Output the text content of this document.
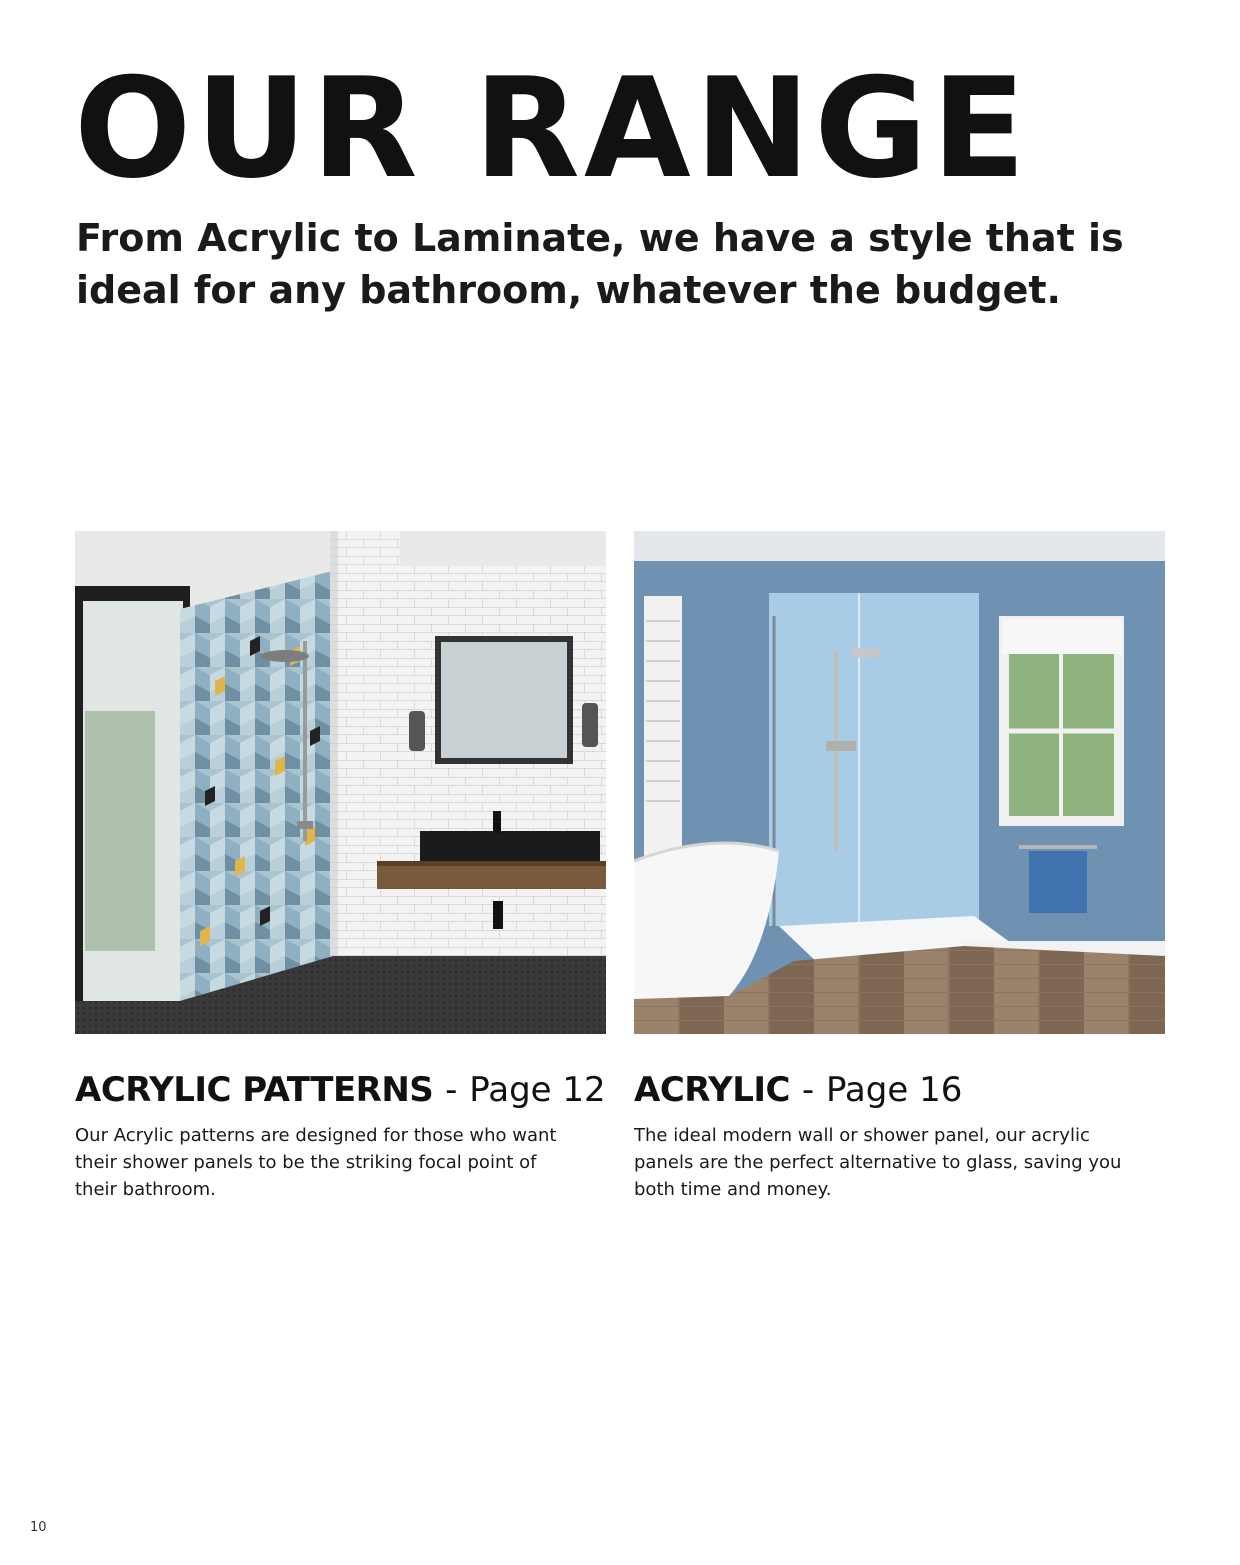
OUR RANGE

From Acrylic to Laminate, we have a style that is ideal for any bathroom, whatever the budget.

ACRYLIC PATTERNS - Page 12

Our Acrylic patterns are designed for those who want their shower panels to be the striking focal point of their bathroom.

ACRYLIC - Page 16

The ideal modern wall or shower panel, our acrylic panels are the perfect alternative to glass, saving you both time and money.

10
